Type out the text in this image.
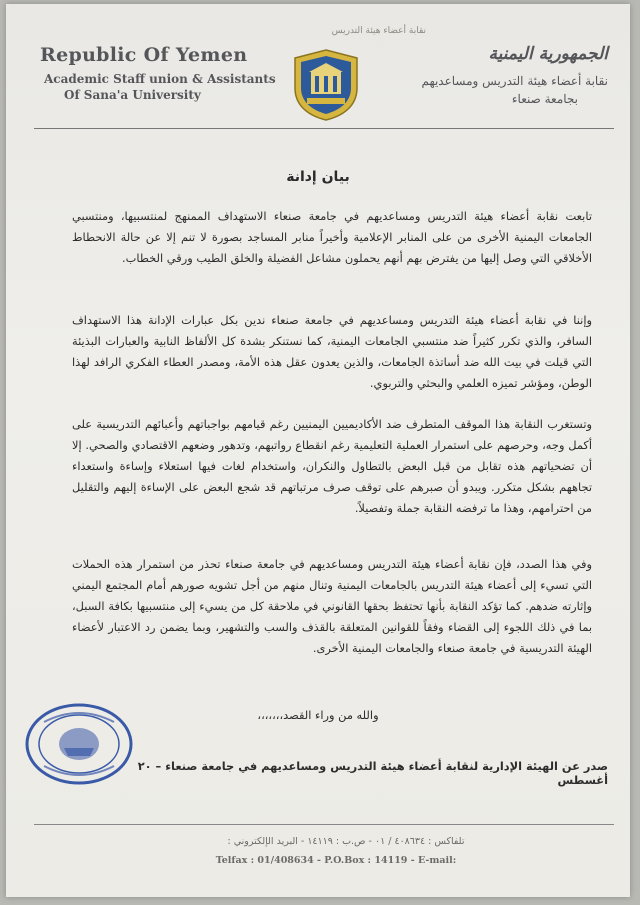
نقابة أعضاء هيئة التدريس
Republic Of Yemen
Academic Staff union & Assistants
Of Sana'a University
الجمهورية اليمنية
نقابة أعضاء هيئة التدريس ومساعديهم
بجامعة صنعاء
بيان إدانة

تابعت نقابة أعضاء هيئة التدريس ومساعديهم في جامعة صنعاء الاستهداف الممنهج لمنتسبيها، ومنتسبي الجامعات اليمنية الأخرى من على المنابر الإعلامية وأخيراً منابر المساجد بصورة لا تنم إلا عن حالة الانحطاط الأخلاقي التي وصل إليها من يفترض بهم أنهم يحملون مشاعل الفضيلة والخلق الطيب ورقي الخطاب.

وإننا في نقابة أعضاء هيئة التدريس ومساعديهم في جامعة صنعاء ندين بكل عبارات الإدانة هذا الاستهداف السافر، والذي تكرر كثيراً ضد منتسبي الجامعات اليمنية، كما نستنكر بشدة كل الألفاظ النابية والعبارات البذيئة التي قيلت في بيت الله ضد أساتذة الجامعات، والذين يعدون عقل هذه الأمة، ومصدر العطاء الفكري الرافد لهذا الوطن، ومؤشر تميزه العلمي والبحثي والتربوي.

وتستغرب النقابة هذا الموقف المتطرف ضد الأكاديميين اليمنيين رغم قيامهم بواجباتهم وأعبائهم التدريسية على أكمل وجه، وحرصهم على استمرار العملية التعليمية رغم انقطاع رواتبهم، وتدهور وضعهم الاقتصادي والصحي. إلا أن تضحياتهم هذه تقابل من قبل البعض بالتطاول والنكران، واستخدام لغات فيها استعلاء وإساءة واستعداء تجاههم بشكل متكرر. ويبدو أن صبرهم على توقف صرف مرتباتهم قد شجع البعض على الإساءة إليهم والتقليل من احترامهم، وهذا ما ترفضه النقابة جملة وتفصيلاً.

وفي هذا الصدد، فإن نقابة أعضاء هيئة التدريس ومساعديهم في جامعة صنعاء تحذر من استمرار هذه الحملات التي تسيء إلى أعضاء هيئة التدريس بالجامعات اليمنية وتنال منهم من أجل تشويه صورهم أمام المجتمع اليمني وإثارته ضدهم. كما تؤكد النقابة بأنها تحتفظ بحقها القانوني في ملاحقة كل من يسيء إلى منتسبيها بكافة السبل، بما في ذلك اللجوء إلى القضاء وفقاً للقوانين المتعلقة بالقذف والسب والتشهير، وبما يضمن رد الاعتبار لأعضاء الهيئة التدريسية في جامعة صنعاء والجامعات اليمنية الأخرى.

والله من وراء القصد،،،،،،،
صدر عن الهيئة الإدارية لنقابة أعضاء هيئة التدريس ومساعديهم في جامعة صنعاء – ٢٠ أغسطس
تلفاكس : ٤٠٨٦٣٤ / ٠١ - ص.ب : ١٤١١٩ - البريد الإلكتروني :
Telfax : 01/408634 - P.O.Box : 14119 - E-mail:
